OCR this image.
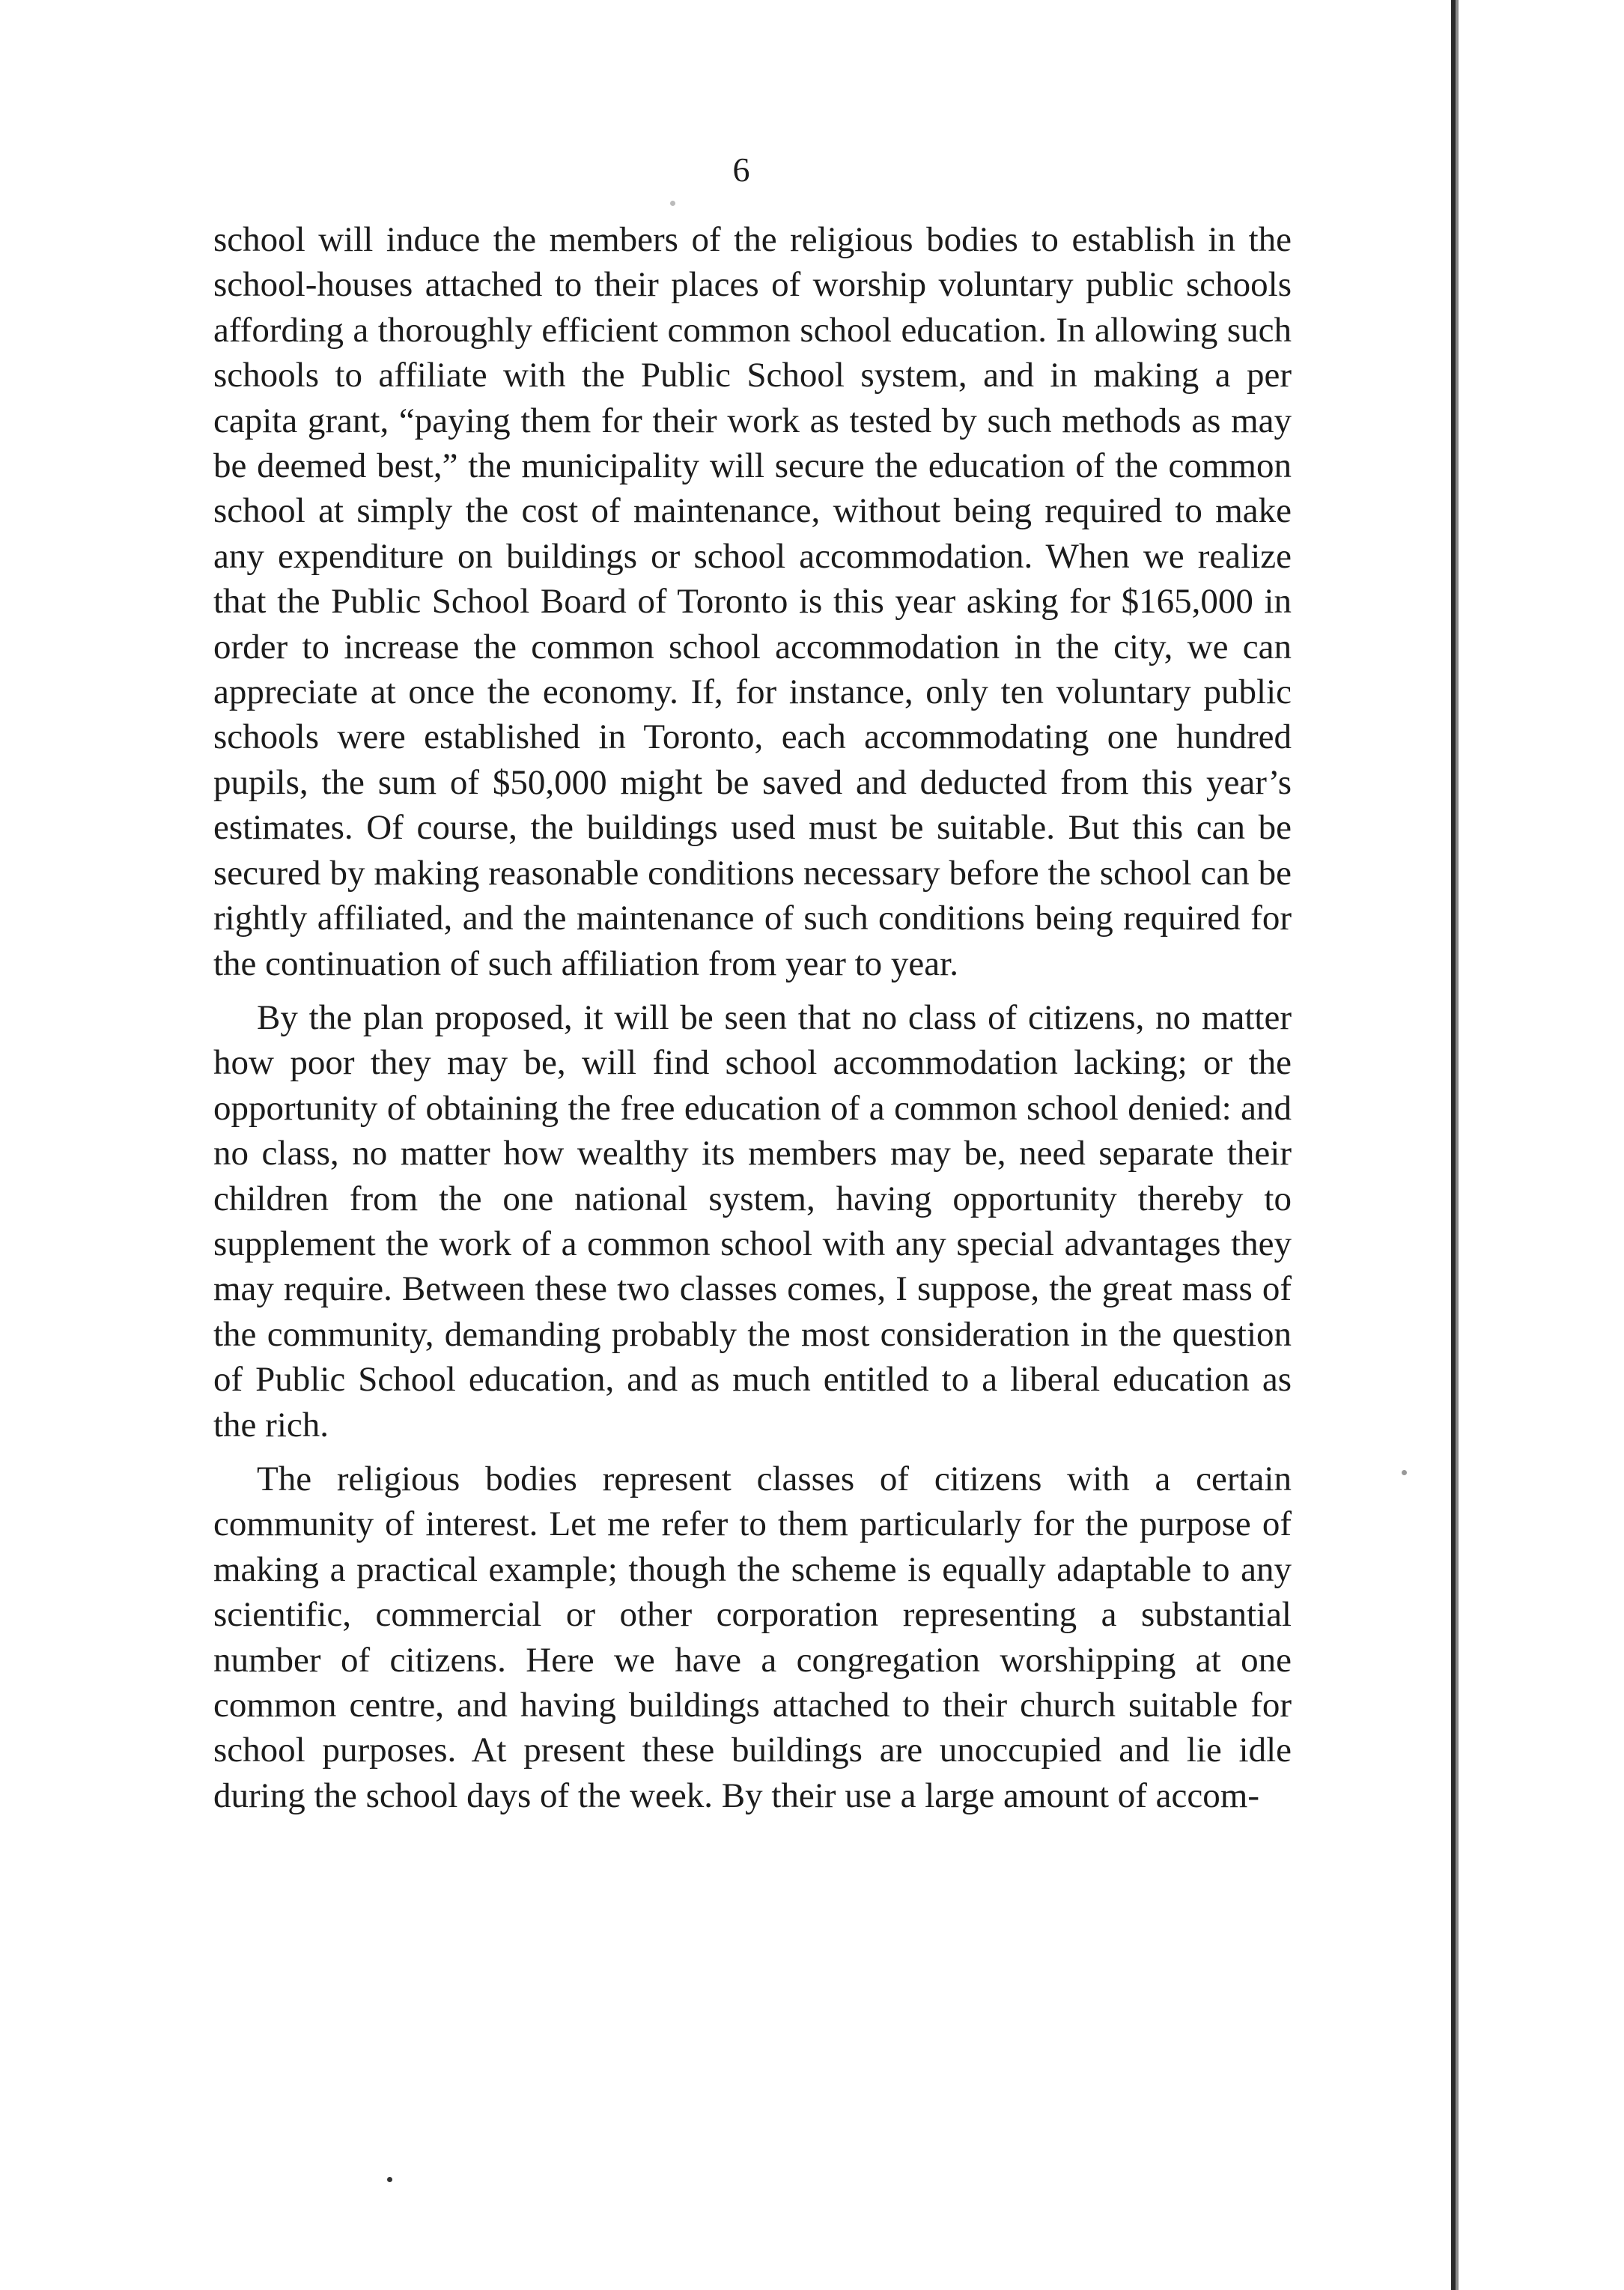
6

school will induce the members of the religious bodies to establish in the school-houses attached to their places of worship voluntary public schools affording a thoroughly efficient common school education. In allowing such schools to affiliate with the Public School system, and in making a per capita grant, “paying them for their work as tested by such methods as may be deemed best,” the municipality will secure the education of the common school at simply the cost of maintenance, without being required to make any expenditure on buildings or school accommodation. When we realize that the Public School Board of Toronto is this year asking for $165,000 in order to increase the common school accommodation in the city, we can appreciate at once the economy. If, for instance, only ten voluntary public schools were established in Toronto, each accommodating one hundred pupils, the sum of $50,000 might be saved and deducted from this year’s estimates. Of course, the buildings used must be suitable. But this can be secured by making reasonable conditions necessary before the school can be rightly affiliated, and the maintenance of such conditions being required for the continuation of such affiliation from year to year.

By the plan proposed, it will be seen that no class of citizens, no matter how poor they may be, will find school accommodation lacking; or the opportunity of obtaining the free education of a common school denied: and no class, no matter how wealthy its members may be, need separate their children from the one national system, having opportunity thereby to supplement the work of a common school with any special advantages they may require. Between these two classes comes, I suppose, the great mass of the community, demanding probably the most consideration in the question of Public School education, and as much entitled to a liberal education as the rich.

The religious bodies represent classes of citizens with a certain community of interest. Let me refer to them particularly for the purpose of making a practical example; though the scheme is equally adaptable to any scientific, commercial or other corporation representing a substantial number of citizens. Here we have a congregation worshipping at one common centre, and having buildings attached to their church suitable for school purposes. At present these buildings are unoccupied and lie idle during the school days of the week. By their use a large amount of accom-
